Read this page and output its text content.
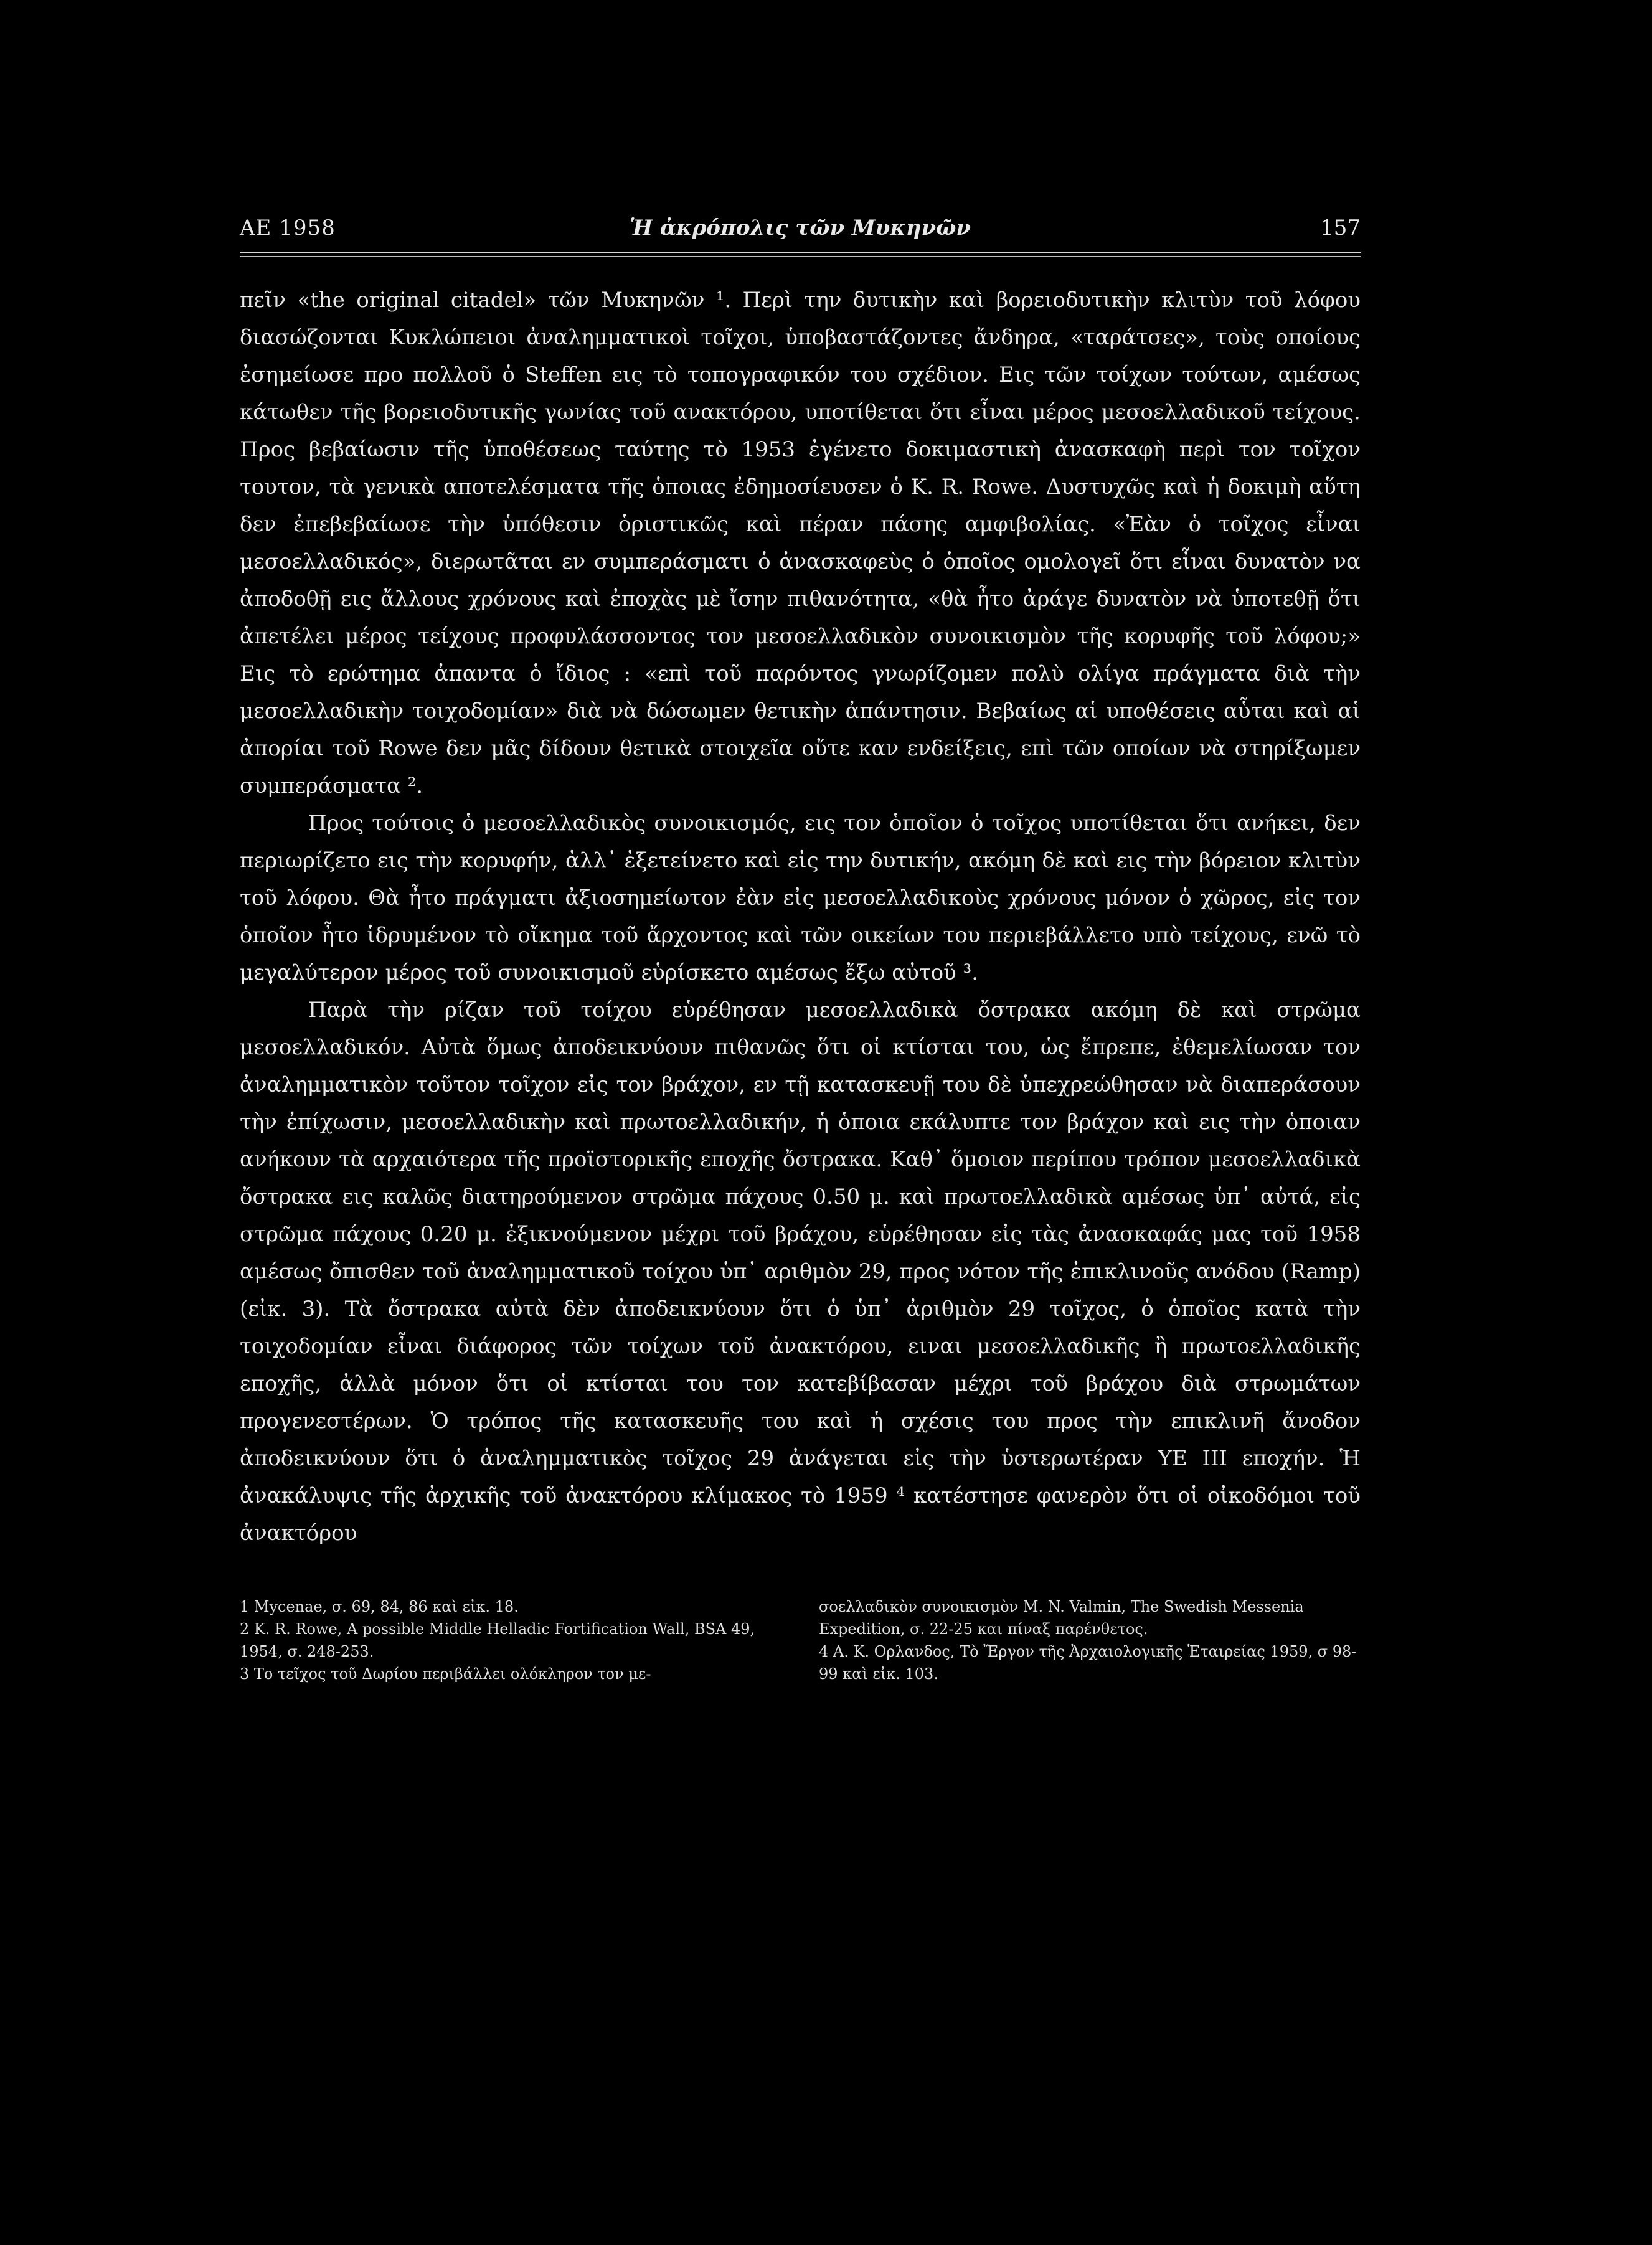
ΑΕ 1958	Ἡ ἀκρόπολις τῶν Μυκηνῶν	157

πεῖν «the original citadel» τῶν Μυκηνῶν ¹. Περὶ την δυτικὴν καὶ βορειοδυτικὴν κλιτὺν τοῦ λόφου διασώζονται Κυκλώπειοι ἀναλημματικοὶ τοῖχοι, ὑποβαστάζοντες ἄνδηρα, «ταράτσες», τοὺς οποίους ἐσημείωσε προ πολλοῦ ὁ Steffen εις τὸ τοπογραφικόν του σχέδιον. Εις τῶν τοίχων τούτων, αμέσως κάτωθεν τῆς βορειοδυτικῆς γωνίας τοῦ ανακτόρου, υποτίθεται ὅτι εἶναι μέρος μεσοελλαδικοῦ τείχους. Προς βεβαίωσιν τῆς ὑποθέσεως ταύτης τὸ 1953 ἐγένετο δοκιμαστικὴ ἀνασκαφὴ περὶ τον τοῖχον τουτον, τὰ γενικὰ αποτελέσματα τῆς ὁποιας ἐδημοσίευσεν ὁ K. R. Rowe. Δυστυχῶς καὶ ἡ δοκιμὴ αὕτη δεν ἐπεβεβαίωσε τὴν ὑπόθεσιν ὁριστικῶς καὶ πέραν πάσης αμφιβολίας. «Ἐὰν ὁ τοῖχος εἶναι μεσοελλαδικός», διερωτᾶται εν συμπεράσματι ὁ ἀνασκαφεὺς ὁ ὁποῖος ομολογεῖ ὅτι εἶναι δυνατὸν να ἀποδοθῇ εις ἄλλους χρόνους καὶ ἐποχὰς μὲ ἴσην πιθανότητα, «θὰ ἦτο ἀράγε δυνατὸν νὰ ὑποτεθῇ ὅτι ἀπετέλει μέρος τείχους προφυλάσσοντος τον μεσοελλαδικὸν συνοικισμὸν τῆς κορυφῆς τοῦ λόφου;» Εις τὸ ερώτημα ἀπαντα ὁ ἴδιος : «επὶ τοῦ παρόντος γνωρίζομεν πολὺ ολίγα πράγματα διὰ τὴν μεσοελλαδικὴν τοιχοδομίαν» διὰ νὰ δώσωμεν θετικὴν ἀπάντησιν. Βεβαίως αἱ υποθέσεις αὗται καὶ αἱ ἀπορίαι τοῦ Rowe δεν μᾶς δίδουν θετικὰ στοιχεῖα οὔτε καν ενδείξεις, επὶ τῶν οποίων νὰ στηρίξωμεν συμπεράσματα ².

Προς τούτοις ὁ μεσοελλαδικὸς συνοικισμός, εις τον ὁποῖον ὁ τοῖχος υποτίθεται ὅτι ανήκει, δεν περιωρίζετο εις τὴν κορυφήν, ἀλλ᾽ ἐξετείνετο καὶ εἰς την δυτικήν, ακόμη δὲ καὶ εις τὴν βόρειον κλιτὺν τοῦ λόφου. Θὰ ἦτο πράγματι ἀξιοσημείωτον ἐὰν εἰς μεσοελλαδικοὺς χρόνους μόνον ὁ χῶρος, εἰς τον ὁποῖον ἦτο ἱδρυμένον τὸ οἴκημα τοῦ ἄρχοντος καὶ τῶν οικείων του περιεβάλλετο υπὸ τείχους, ενῶ τὸ μεγαλύτερον μέρος τοῦ συνοικισμοῦ εὑρίσκετο αμέσως ἔξω αὐτοῦ ³.

Παρὰ τὴν ρίζαν τοῦ τοίχου εὑρέθησαν μεσοελλαδικὰ ὄστρακα ακόμη δὲ καὶ στρῶμα μεσοελλαδικόν. Αὐτὰ ὅμως ἀποδεικνύουν πιθανῶς ὅτι οἱ κτίσται του, ὡς ἔπρεπε, ἐθεμελίωσαν τον ἀναλημματικὸν τοῦτον τοῖχον εἰς τον βράχον, εν τῇ κατασκευῇ του δὲ ὑπεχρεώθησαν νὰ διαπεράσουν τὴν ἐπίχωσιν, μεσοελλαδικὴν καὶ πρωτοελλαδικήν, ἡ ὁποια εκάλυπτε τον βράχον καὶ εις τὴν ὁποιαν ανήκουν τὰ αρχαιότερα τῆς προϊστορικῆς εποχῆς ὄστρακα. Καθ᾽ ὅμοιον περίπου τρόπον μεσοελλαδικὰ ὄστρακα εις καλῶς διατηρούμενον στρῶμα πάχους 0.50 μ. καὶ πρωτοελλαδικὰ αμέσως ὑπ᾽ αὐτά, εἰς στρῶμα πάχους 0.20 μ. ἐξικνούμενον μέχρι τοῦ βράχου, εὑρέθησαν εἰς τὰς ἀνασκαφάς μας τοῦ 1958 αμέσως ὄπισθεν τοῦ ἀναλημματικοῦ τοίχου ὑπ᾽ αριθμὸν 29, προς νότον τῆς ἐπικλινοῦς ανόδου (Ramp) (εἰκ. 3). Τὰ ὄστρακα αὐτὰ δὲν ἀποδεικνύουν ὅτι ὁ ὑπ᾽ ἀριθμὸν 29 τοῖχος, ὁ ὁποῖος κατὰ τὴν τοιχοδομίαν εἶναι διάφορος τῶν τοίχων τοῦ ἀνακτόρου, ειναι μεσοελλαδικῆς ἢ πρωτοελλαδικῆς εποχῆς, ἀλλὰ μόνον ὅτι οἱ κτίσται του τον κατεβίβασαν μέχρι τοῦ βράχου διὰ στρωμάτων προγενεστέρων. Ὁ τρόπος τῆς κατασκευῆς του καὶ ἡ σχέσις του προς τὴν επικλινῆ ἄνοδον ἀποδεικνύουν ὅτι ὁ ἀναλημματικὸς τοῖχος 29 ἀνάγεται εἰς τὴν ὑστερωτέραν ΥΕ ΙΙΙ εποχήν. Ἡ ἀνακάλυψις τῆς ἀρχικῆς τοῦ ἀνακτόρου κλίμακος τὸ 1959 ⁴ κατέστησε φανερὸν ὅτι οἱ οἰκοδόμοι τοῦ ἀνακτόρου

1 Mycenae, σ. 69, 84, 86 καὶ εἰκ. 18.
2 K. R. Rowe, A possible Middle Helladic Fortification Wall, BSA 49, 1954, σ. 248-253.
3 Το τεῖχος τοῦ Δωρίου περιβάλλει ολόκληρον τον με-
σοελλαδικὸν συνοικισμὸν M. N. Valmin, The Swedish Messenia Expedition, σ. 22-25 και πίναξ παρένθετος.
4 Α. Κ. Ορλανδος, Τὸ Ἔργον τῆς Ἀρχαιολογικῆς Ἑταιρείας 1959, σ 98-99 καὶ εἰκ. 103.
